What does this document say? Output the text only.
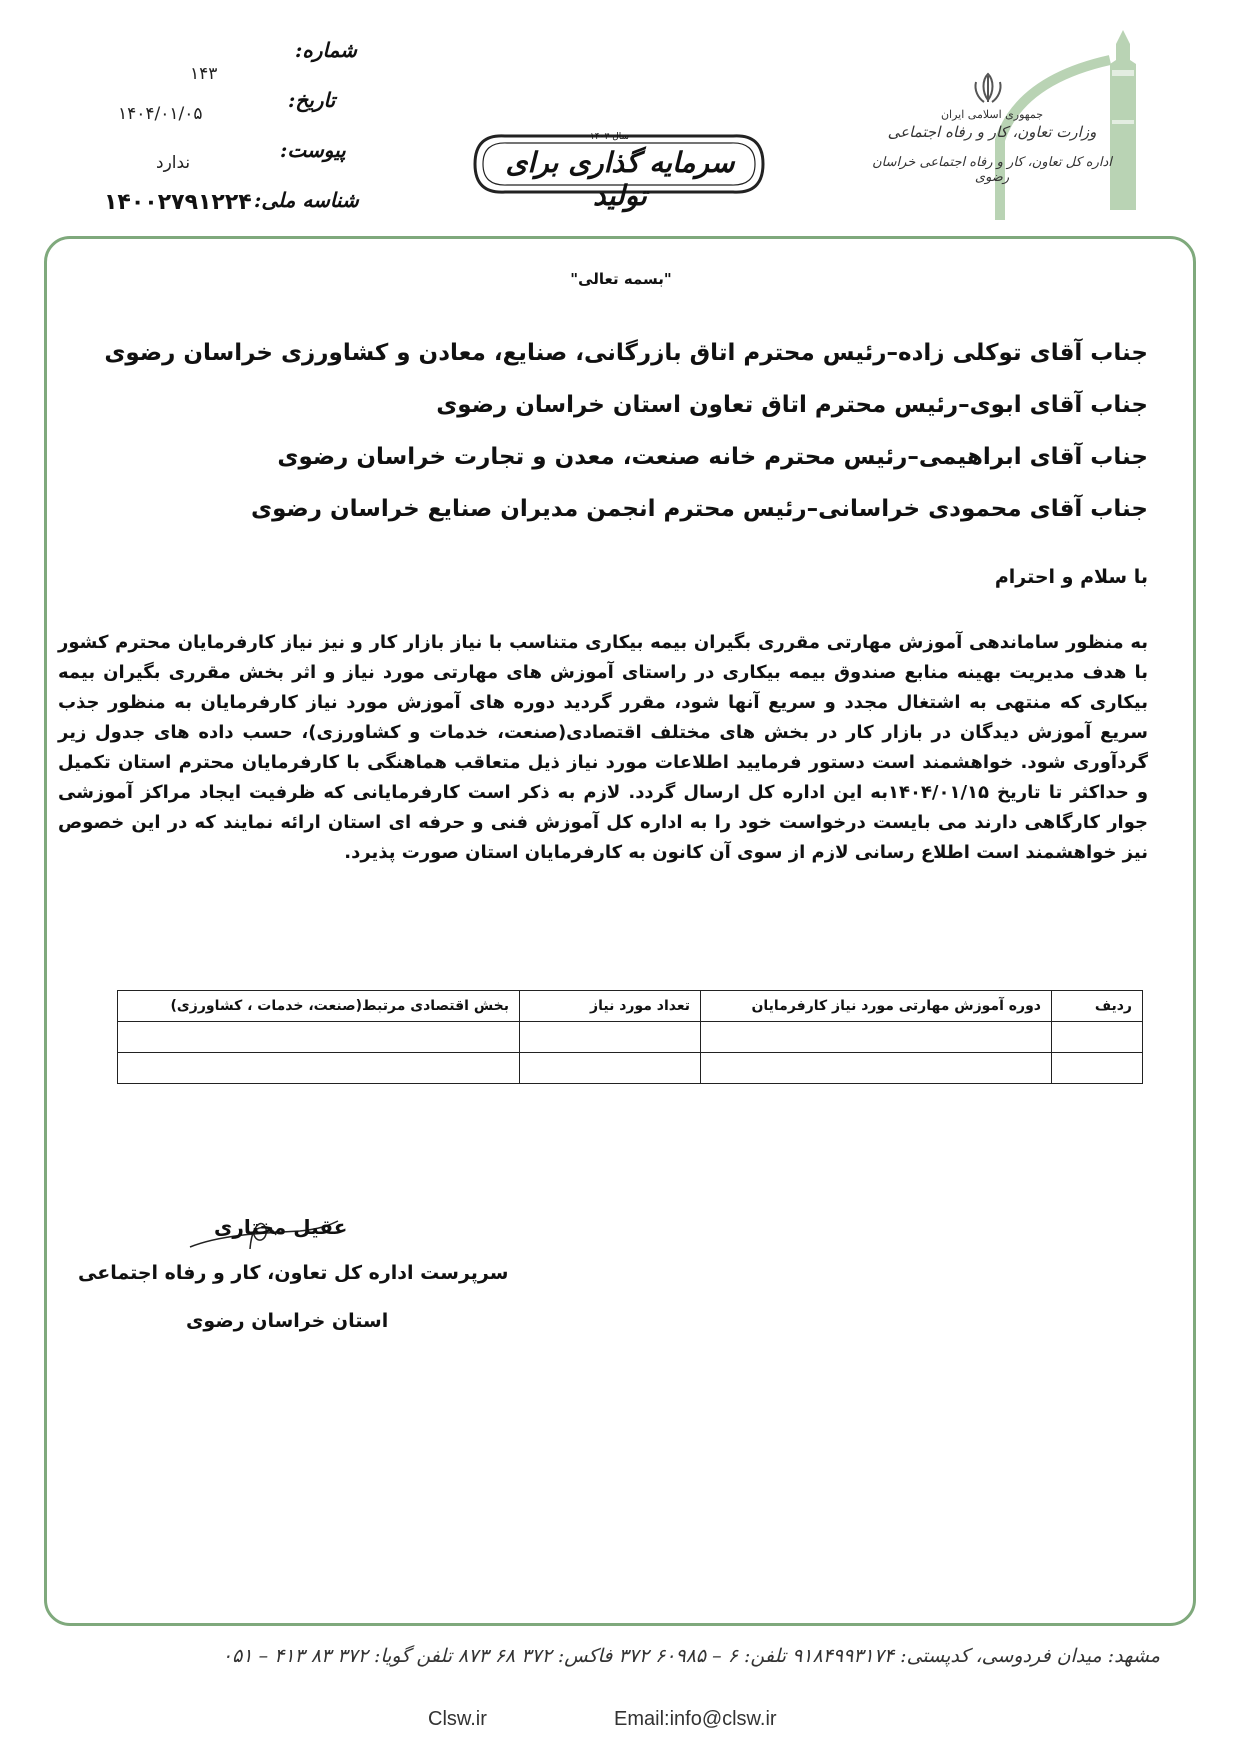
جمهوری اسلامی ایران
وزارت تعاون، کار و رفاه اجتماعی
اداره کل تعاون، کار و رفاه اجتماعی خراسان رضوی
سرمایه گذاری برای تولید
سال ۱۴۰۳
شماره:
۱۴۳
تاریخ:
۱۴۰۴/۰۱/۰۵
پیوست:
ندارد
شناسه ملی:
۱۴۰۰۲۷۹۱۲۲۴
"بسمه تعالی"
جناب آقای توکلی زاده–رئیس محترم اتاق بازرگانی، صنایع، معادن و کشاورزی خراسان رضوی
جناب آقای ابوی–رئیس محترم اتاق تعاون استان خراسان رضوی
جناب آقای ابراهیمی–رئیس محترم خانه صنعت، معدن و تجارت خراسان رضوی
جناب آقای محمودی خراسانی–رئیس محترم انجمن مدیران صنایع خراسان رضوی
با سلام و احترام
به منظور ساماندهی آموزش مهارتی مقرری بگیران بیمه بیکاری متناسب با نیاز بازار کار و نیز نیاز کارفرمایان محترم کشور با هدف مدیریت بهینه منابع صندوق بیمه بیکاری در راستای آموزش های مهارتی مورد نیاز و اثر بخش مقرری بگیران بیمه بیکاری که منتهی به اشتغال مجدد و سریع آنها شود، مقرر گردید دوره های آموزش مورد نیاز کارفرمایان به منظور جذب سریع آموزش دیدگان در بازار کار در بخش های مختلف اقتصادی(صنعت، خدمات و کشاورزی)، حسب داده های جدول زیر گردآوری شود. خواهشمند است دستور فرمایید اطلاعات مورد نیاز ذیل متعاقب هماهنگی با کارفرمایان محترم استان تکمیل و حداکثر تا تاریخ ۱۴۰۴/۰۱/۱۵به این اداره کل ارسال گردد. لازم به ذکر است کارفرمایانی که ظرفیت ایجاد مراکز آموزشی جوار کارگاهی دارند می بایست درخواست خود را به اداره کل آموزش فنی و حرفه ای استان ارائه نمایند که در این خصوص نیز خواهشمند است اطلاع رسانی لازم از سوی آن کانون به کارفرمایان استان صورت پذیرد.
ردیف	دوره آموزش مهارتی مورد نیاز کارفرمایان	تعداد مورد نیاز	بخش اقتصادی مرتبط(صنعت، خدمات ، کشاورزی)

عقیل مختاری
سرپرست اداره کل تعاون، کار و رفاه اجتماعی
استان خراسان رضوی
مشهد: میدان فردوسی، کدپستی: ۹۱۸۴۹۹۳۱۷۴ تلفن: ۶ – ۶۰۹۸۵ ۳۷۲ فاکس: ۳۷۲ ۶۸ ۸۷۳ تلفن گویا: ۳۷۲ ۸۳ ۴۱۳ – ۰۵۱
Clsw.ir	Email:info@clsw.ir
